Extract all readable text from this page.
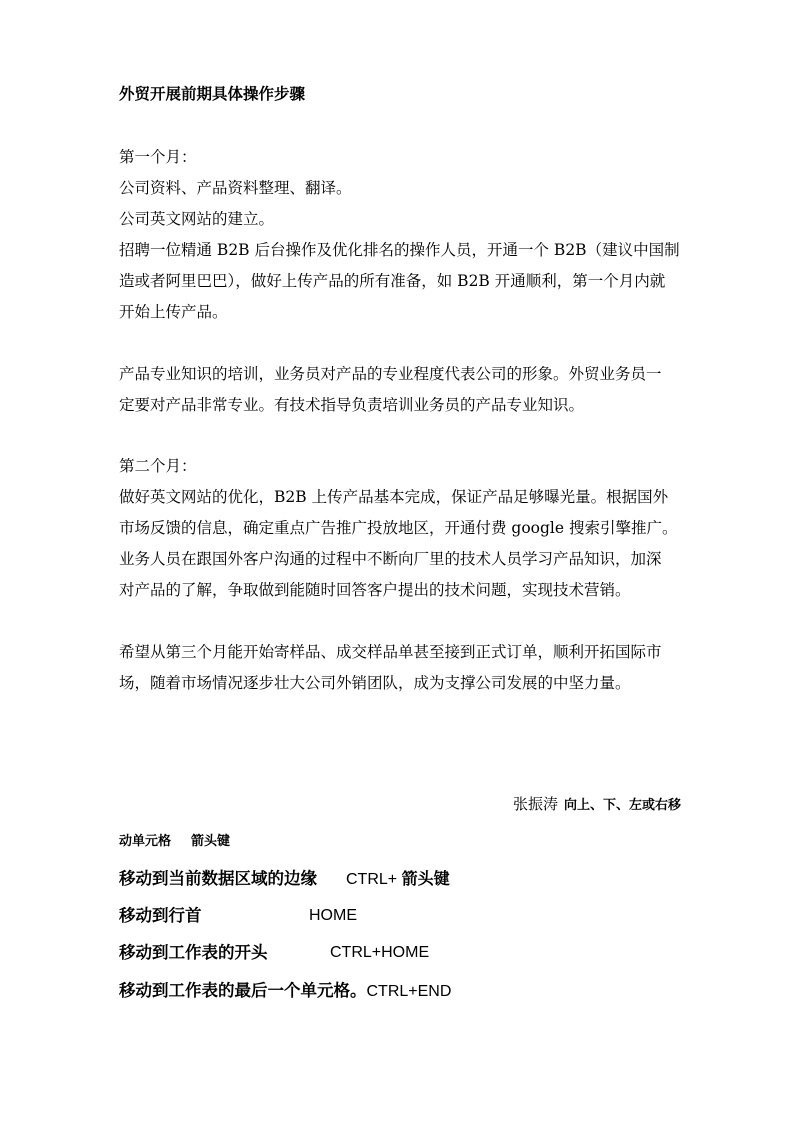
外贸开展前期具体操作步骤
第一个月：
公司资料、产品资料整理、翻译。
公司英文网站的建立。
招聘一位精通 B2B 后台操作及优化排名的操作人员，开通一个 B2B（建议中国制
造或者阿里巴巴），做好上传产品的所有准备，如 B2B 开通顺利，第一个月内就
开始上传产品。
产品专业知识的培训，业务员对产品的专业程度代表公司的形象。外贸业务员一
定要对产品非常专业。有技术指导负责培训业务员的产品专业知识。
第二个月：
做好英文网站的优化，B2B 上传产品基本完成，保证产品足够曝光量。根据国外
市场反馈的信息，确定重点广告推广投放地区，开通付费 google 搜索引擎推广。
业务人员在跟国外客户沟通的过程中不断向厂里的技术人员学习产品知识，加深
对产品的了解，争取做到能随时回答客户提出的技术问题，实现技术营销。
希望从第三个月能开始寄样品、成交样品单甚至接到正式订单，顺利开拓国际市
场，随着市场情况逐步壮大公司外销团队，成为支撑公司发展的中坚力量。
张振涛 向上、下、左或右移
动单元格 箭头键
移动到当前数据区域的边缘 CTRL+ 箭头键
移动到行首	HOME
移动到工作表的开头	CTRL+HOME
移动到工作表的最后一个单元格。CTRL+END
